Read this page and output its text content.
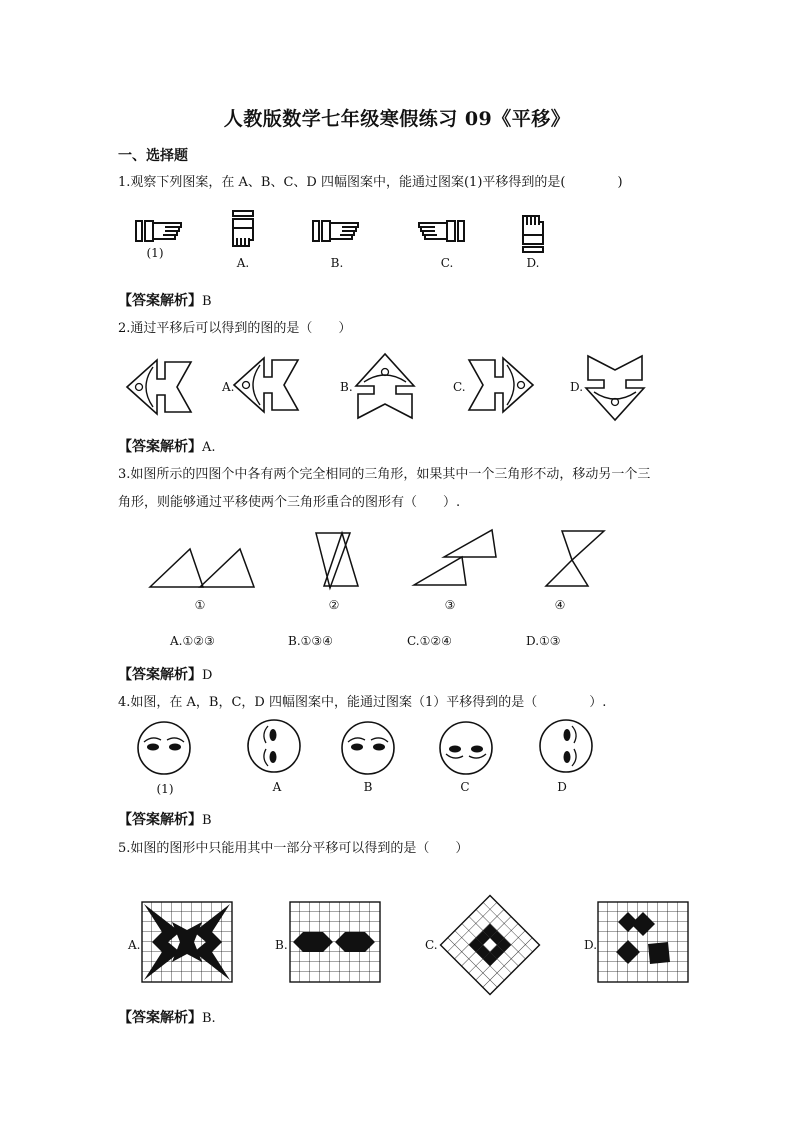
人教版数学七年级寒假练习 09《平移》
一、选择题
1.观察下列图案，在 A、B、C、D 四幅图案中，能通过图案(1)平移得到的是(　　　　)
(1)
A.	B.	C.	D.
【答案解析】B
2.通过平移后可以得到的图的是（　　）
A.	B.	C.	D.
【答案解析】A.
3.如图所示的四图个中各有两个完全相同的三角形，如果其中一个三角形不动，移动另一个三
角形，则能够通过平移使两个三角形重合的图形有（　　）.
①	②	③	④
A.①②③	B.①③④	C.①②④	D.①③
【答案解析】D
4.如图，在 A，B，C，D 四幅图案中，能通过图案（1）平移得到的是（　　　　）.
(1)	A	B	C	D
【答案解析】B
5.如图的图形中只能用其中一部分平移可以得到的是（　　）
A.	B.	C.	D.
【答案解析】B.
